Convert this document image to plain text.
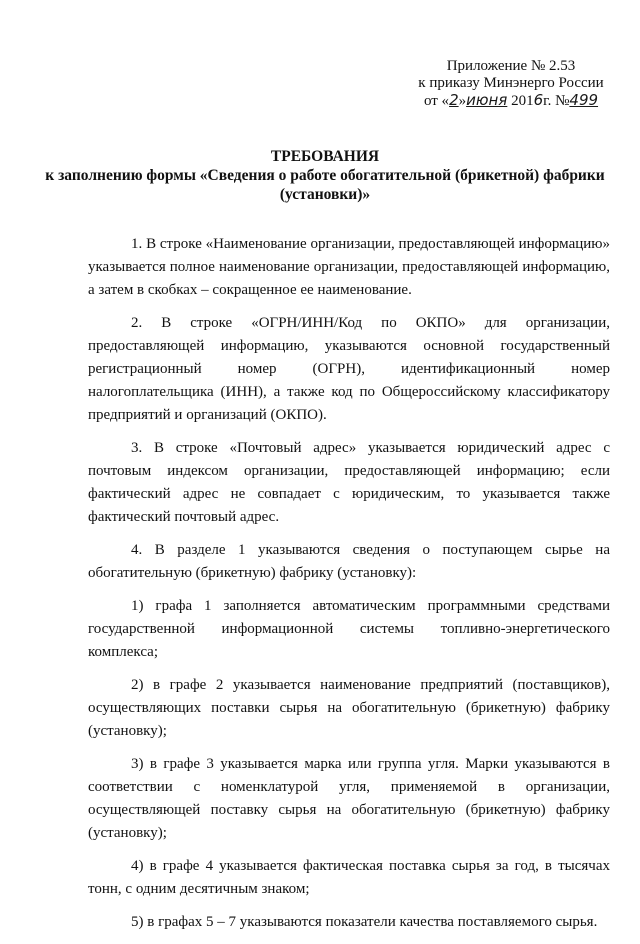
Приложение № 2.53
к приказу Минэнерго России
от «2»июня 2016г. №499
ТРЕБОВАНИЯ
к заполнению формы «Сведения о работе обогатительной (брикетной) фабрики
(установки)»

1. В строке «Наименование организации, предоставляющей информацию» указывается полное наименование организации, предоставляющей информацию, а затем в скобках – сокращенное ее наименование.

2. В строке «ОГРН/ИНН/Код по ОКПО» для организации, предоставляющей информацию, указываются основной государственный регистрационный номер (ОГРН), идентификационный номер налогоплательщика (ИНН), а также код по Общероссийскому классификатору предприятий и организаций (ОКПО).

3. В строке «Почтовый адрес» указывается юридический адрес с почтовым индексом организации, предоставляющей информацию; если фактический адрес не совпадает с юридическим, то указывается также фактический почтовый адрес.

4. В разделе 1 указываются сведения о поступающем сырье на обогатительную (брикетную) фабрику (установку):

1) графа 1 заполняется автоматическим программными средствами государственной информационной системы топливно-энергетического комплекса;

2) в графе 2 указывается наименование предприятий (поставщиков), осуществляющих поставки сырья на обогатительную (брикетную) фабрику (установку);

3) в графе 3 указывается марка или группа угля. Марки указываются в соответствии с номенклатурой угля, применяемой в организации, осуществляющей поставку сырья на обогатительную (брикетную) фабрику (установку);

4) в графе 4 указывается фактическая поставка сырья за год, в тысячах тонн, с одним десятичным знаком;

5) в графах 5 – 7 указываются показатели качества поставляемого сырья.
